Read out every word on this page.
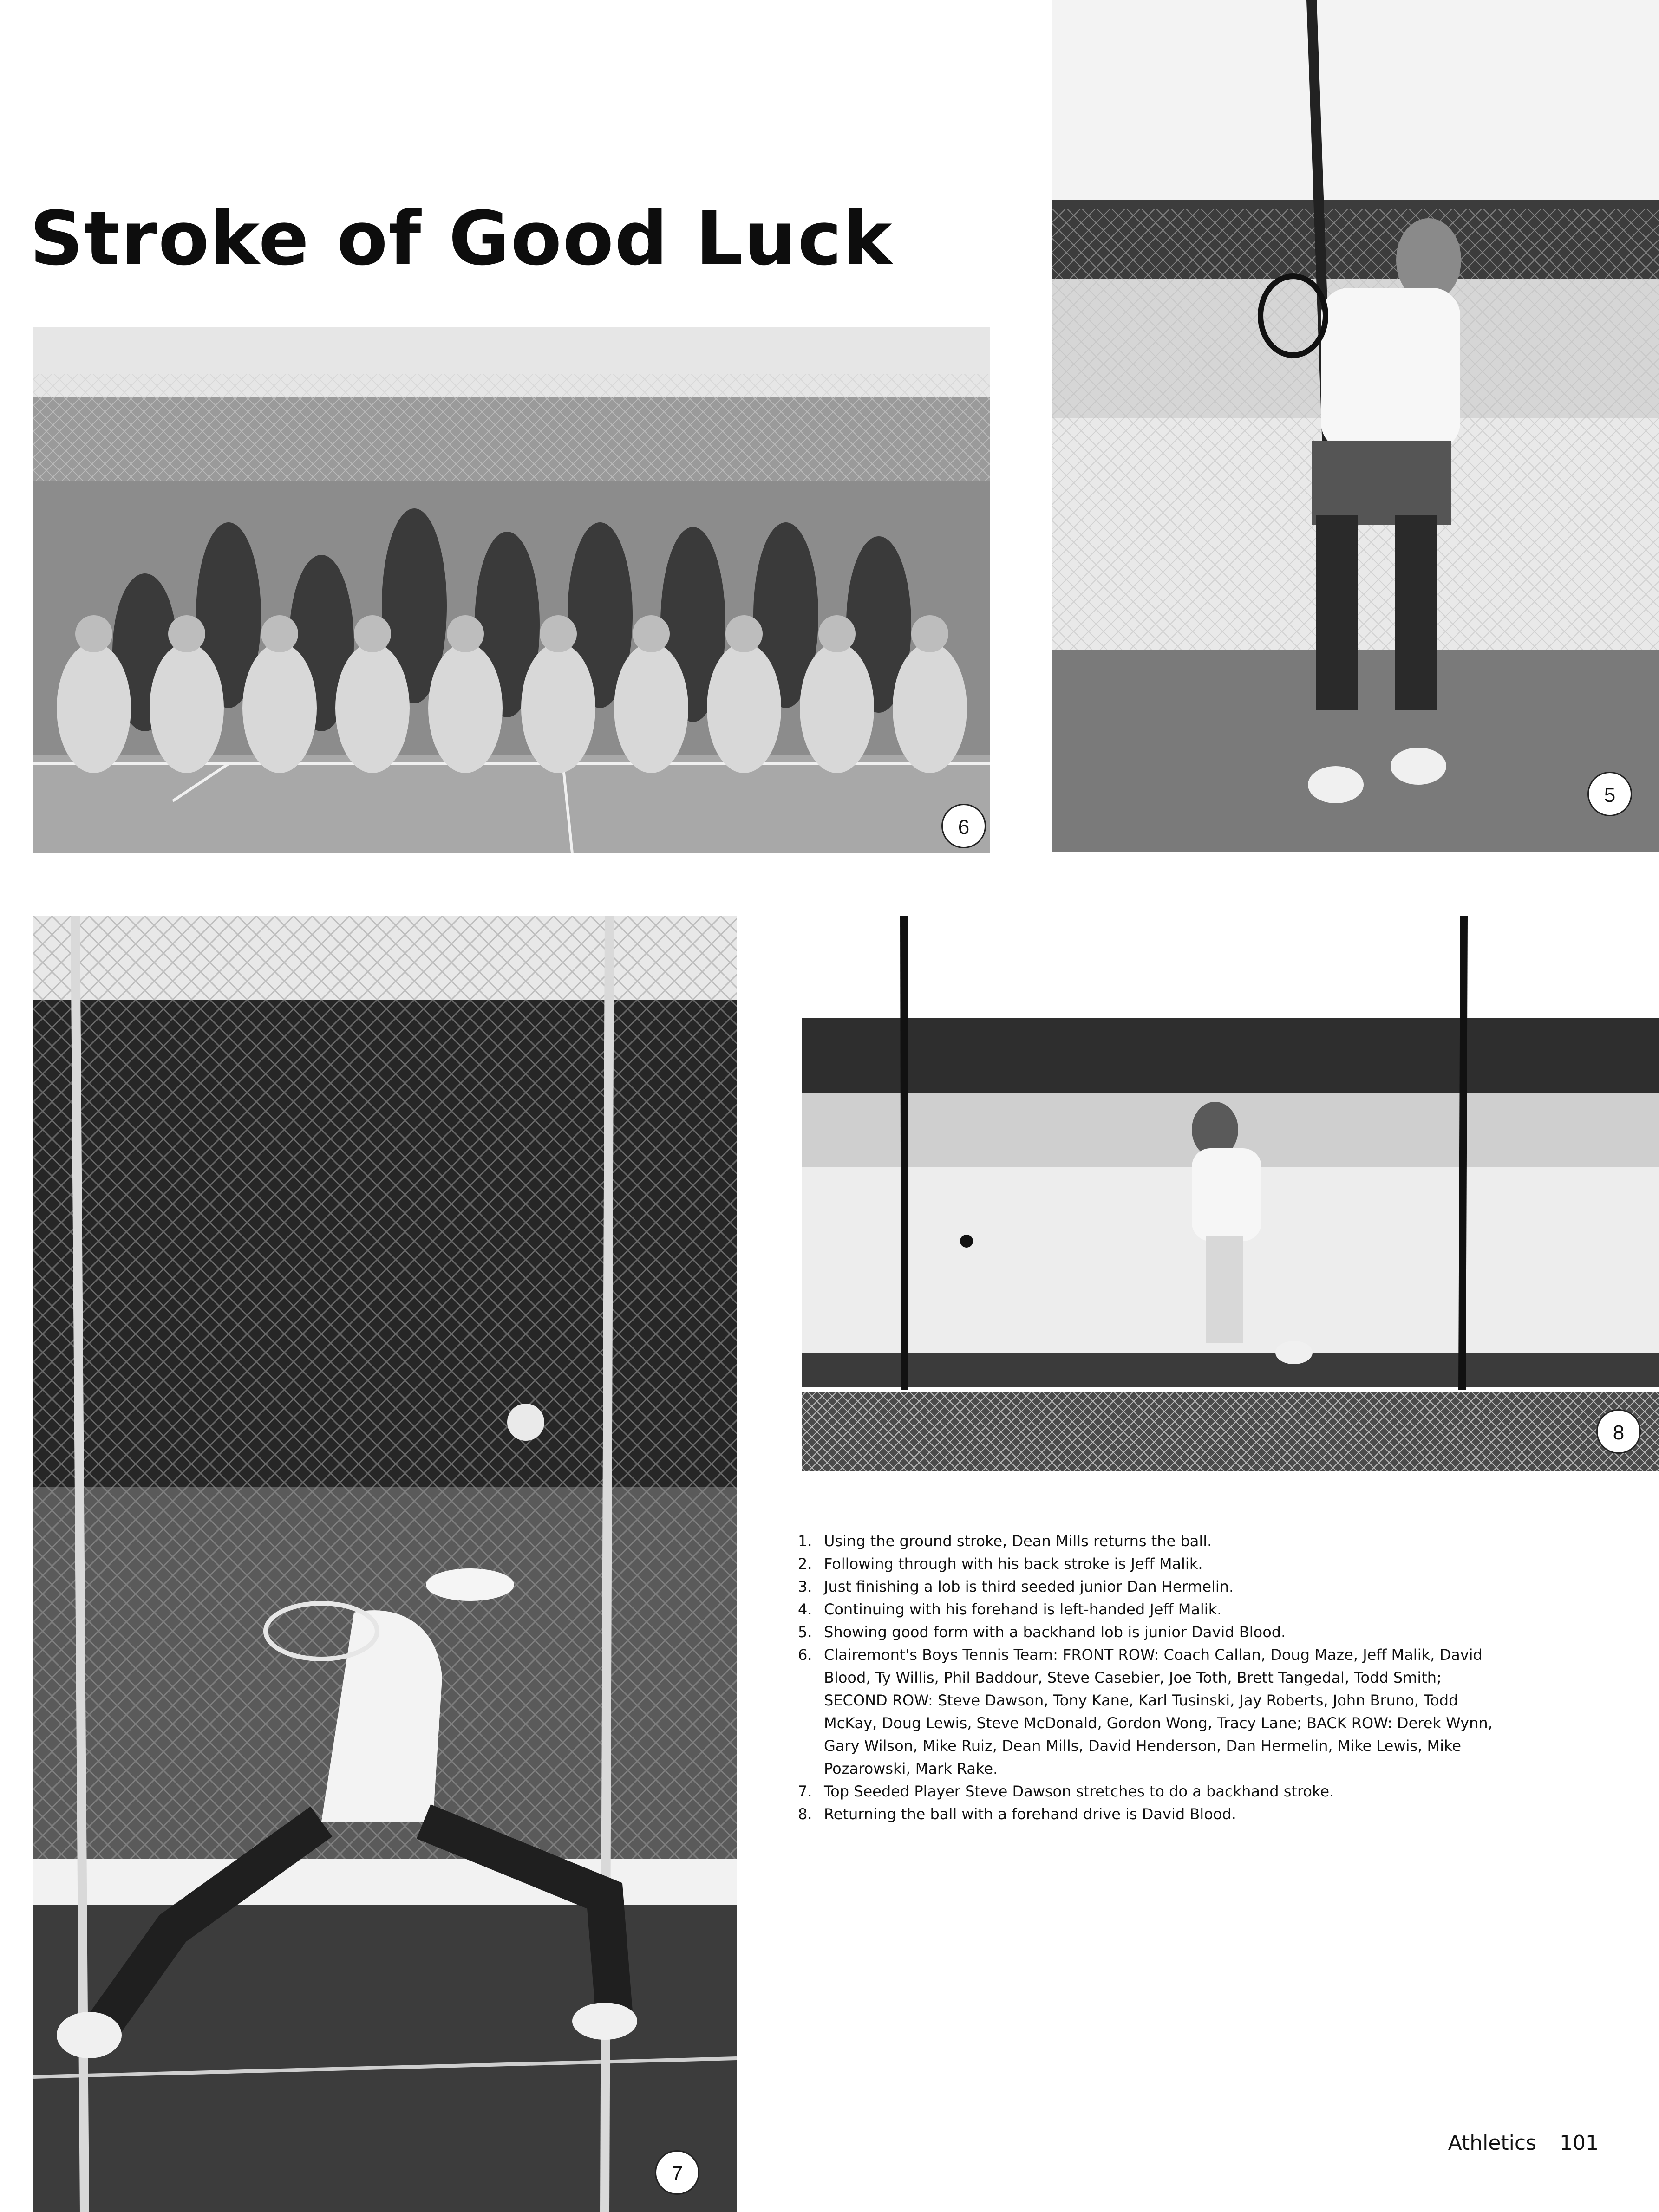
Stroke of Good Luck
6
5
7
8
1. Using the ground stroke, Dean Mills returns the ball.
2. Following through with his back stroke is Jeff Malik.
3. Just finishing a lob is third seeded junior Dan Hermelin.
4. Continuing with his forehand is left-handed Jeff Malik.
5. Showing good form with a backhand lob is junior David Blood.
6. Clairemont's Boys Tennis Team: FRONT ROW: Coach Callan, Doug Maze, Jeff Malik, David Blood, Ty Willis, Phil Baddour, Steve Casebier, Joe Toth, Brett Tangedal, Todd Smith; SECOND ROW: Steve Dawson, Tony Kane, Karl Tusinski, Jay Roberts, John Bruno, Todd McKay, Doug Lewis, Steve McDonald, Gordon Wong, Tracy Lane; BACK ROW: Derek Wynn, Gary Wilson, Mike Ruiz, Dean Mills, David Henderson, Dan Hermelin, Mike Lewis, Mike Pozarowski, Mark Rake.
7. Top Seeded Player Steve Dawson stretches to do a backhand stroke.
8. Returning the ball with a forehand drive is David Blood.
Athletics 101
